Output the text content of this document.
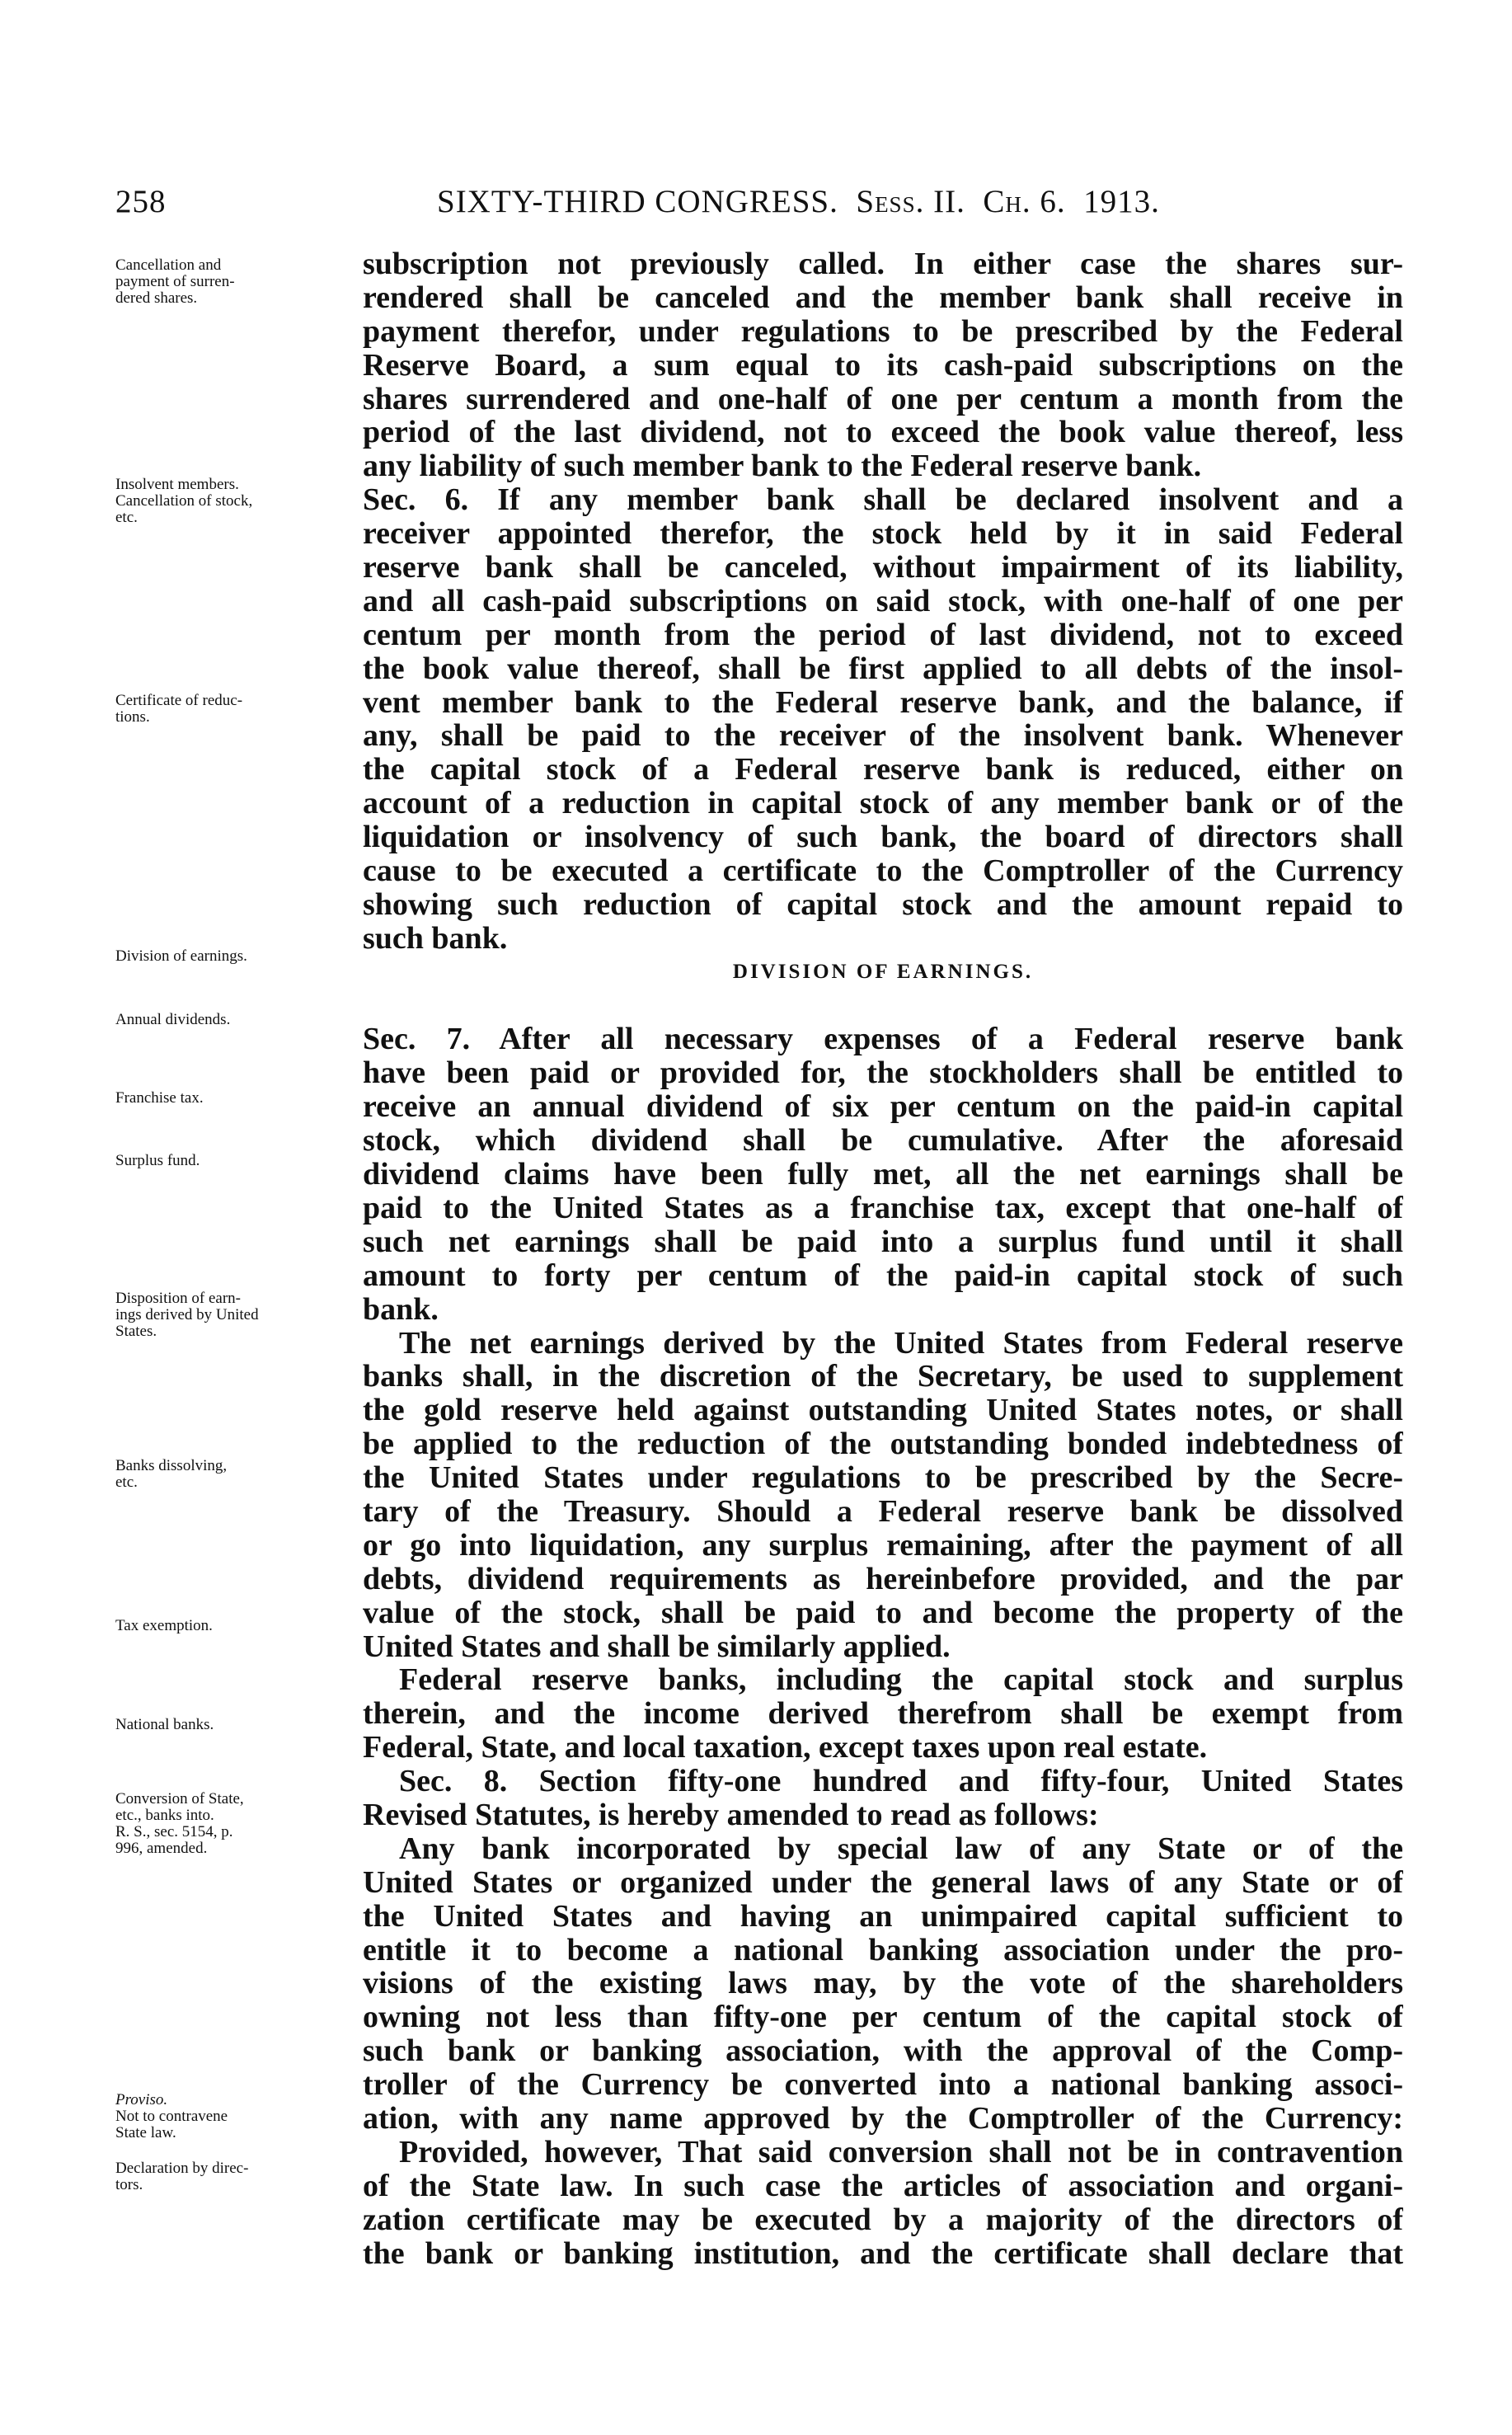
258	SIXTY-THIRD CONGRESS. Sess. II. Ch. 6. 1913.
Cancellation and
payment of surren-
dered shares.
Insolvent members.
Cancellation of stock,
etc.
Certificate of reduc-
tions.
Division of earnings.
Annual dividends.
Franchise tax.
Surplus fund.
Disposition of earn-
ings derived by United
States.
Banks dissolving,
etc.
Tax exemption.
National banks.
Conversion of State,
etc., banks into.
R. S., sec. 5154, p.
996, amended.
Proviso.
Not to contravene
State law.
Declaration by direc-
tors.
subscription not previously called. In either case the shares sur-
rendered shall be canceled and the member bank shall receive in
payment therefor, under regulations to be prescribed by the Federal
Reserve Board, a sum equal to its cash-paid subscriptions on the
shares surrendered and one-half of one per centum a month from the
period of the last dividend, not to exceed the book value thereof, less
any liability of such member bank to the Federal reserve bank.
Sec. 6. If any member bank shall be declared insolvent and a
receiver appointed therefor, the stock held by it in said Federal
reserve bank shall be canceled, without impairment of its liability,
and all cash-paid subscriptions on said stock, with one-half of one per
centum per month from the period of last dividend, not to exceed
the book value thereof, shall be first applied to all debts of the insol-
vent member bank to the Federal reserve bank, and the balance, if
any, shall be paid to the receiver of the insolvent bank. Whenever
the capital stock of a Federal reserve bank is reduced, either on
account of a reduction in capital stock of any member bank or of the
liquidation or insolvency of such bank, the board of directors shall
cause to be executed a certificate to the Comptroller of the Currency
showing such reduction of capital stock and the amount repaid to
such bank.
DIVISION OF EARNINGS.
Sec. 7. After all necessary expenses of a Federal reserve bank
have been paid or provided for, the stockholders shall be entitled to
receive an annual dividend of six per centum on the paid-in capital
stock, which dividend shall be cumulative. After the aforesaid
dividend claims have been fully met, all the net earnings shall be
paid to the United States as a franchise tax, except that one-half of
such net earnings shall be paid into a surplus fund until it shall
amount to forty per centum of the paid-in capital stock of such
bank.
The net earnings derived by the United States from Federal reserve
banks shall, in the discretion of the Secretary, be used to supplement
the gold reserve held against outstanding United States notes, or shall
be applied to the reduction of the outstanding bonded indebtedness of
the United States under regulations to be prescribed by the Secre-
tary of the Treasury. Should a Federal reserve bank be dissolved
or go into liquidation, any surplus remaining, after the payment of all
debts, dividend requirements as hereinbefore provided, and the par
value of the stock, shall be paid to and become the property of the
United States and shall be similarly applied.
Federal reserve banks, including the capital stock and surplus
therein, and the income derived therefrom shall be exempt from
Federal, State, and local taxation, except taxes upon real estate.
Sec. 8. Section fifty-one hundred and fifty-four, United States
Revised Statutes, is hereby amended to read as follows:
Any bank incorporated by special law of any State or of the
United States or organized under the general laws of any State or of
the United States and having an unimpaired capital sufficient to
entitle it to become a national banking association under the pro-
visions of the existing laws may, by the vote of the shareholders
owning not less than fifty-one per centum of the capital stock of
such bank or banking association, with the approval of the Comp-
troller of the Currency be converted into a national banking associ-
ation, with any name approved by the Comptroller of the Currency:
Provided, however, That said conversion shall not be in contravention
of the State law. In such case the articles of association and organi-
zation certificate may be executed by a majority of the directors of
the bank or banking institution, and the certificate shall declare that
